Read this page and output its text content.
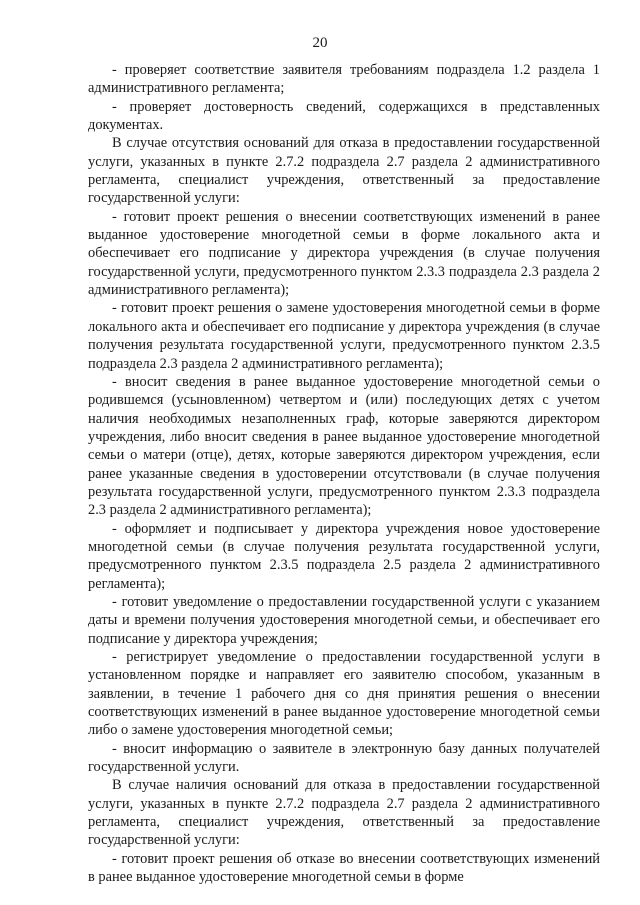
20

- проверяет соответствие заявителя требованиям подраздела 1.2 раздела 1 административного регламента;

- проверяет достоверность сведений, содержащихся в представленных документах.

В случае отсутствия оснований для отказа в предоставлении государственной услуги, указанных в пункте 2.7.2 подраздела 2.7 раздела 2 административного регламента, специалист учреждения, ответственный за предоставление государственной услуги:

- готовит проект решения о внесении соответствующих изменений в ранее выданное удостоверение многодетной семьи в форме локального акта и обеспечивает его подписание у директора учреждения (в случае получения государственной услуги, предусмотренного пунктом 2.3.3 подраздела 2.3 раздела 2 административного регламента);

- готовит проект решения о замене удостоверения многодетной семьи в форме локального акта и обеспечивает его подписание у директора учреждения (в случае получения результата государственной услуги, предусмотренного пунктом 2.3.5 подраздела 2.3 раздела 2 административного регламента);

- вносит сведения в ранее выданное удостоверение многодетной семьи о родившемся (усыновленном) четвертом и (или) последующих детях с учетом наличия необходимых незаполненных граф, которые заверяются директором учреждения, либо вносит сведения в ранее выданное удостоверение многодетной семьи о матери (отце), детях, которые заверяются директором учреждения, если ранее указанные сведения в удостоверении отсутствовали (в случае получения результата государственной услуги, предусмотренного пунктом 2.3.3 подраздела 2.3 раздела 2 административного регламента);

- оформляет и подписывает у директора учреждения новое удостоверение многодетной семьи (в случае получения результата государственной услуги, предусмотренного пунктом 2.3.5 подраздела 2.5 раздела 2 административного регламента);

- готовит уведомление о предоставлении государственной услуги с указанием даты и времени получения удостоверения многодетной семьи, и обеспечивает его подписание у директора учреждения;

- регистрирует уведомление о предоставлении государственной услуги в установленном порядке и направляет его заявителю способом, указанным в заявлении, в течение 1 рабочего дня со дня принятия решения о внесении соответствующих изменений в ранее выданное удостоверение многодетной семьи либо о замене удостоверения многодетной семьи;

- вносит информацию о заявителе в электронную базу данных получателей государственной услуги.

В случае наличия оснований для отказа в предоставлении государственной услуги, указанных в пункте 2.7.2 подраздела 2.7 раздела 2 административного регламента, специалист учреждения, ответственный за предоставление государственной услуги:

- готовит проект решения об отказе во внесении соответствующих изменений в ранее выданное удостоверение многодетной семьи в форме
